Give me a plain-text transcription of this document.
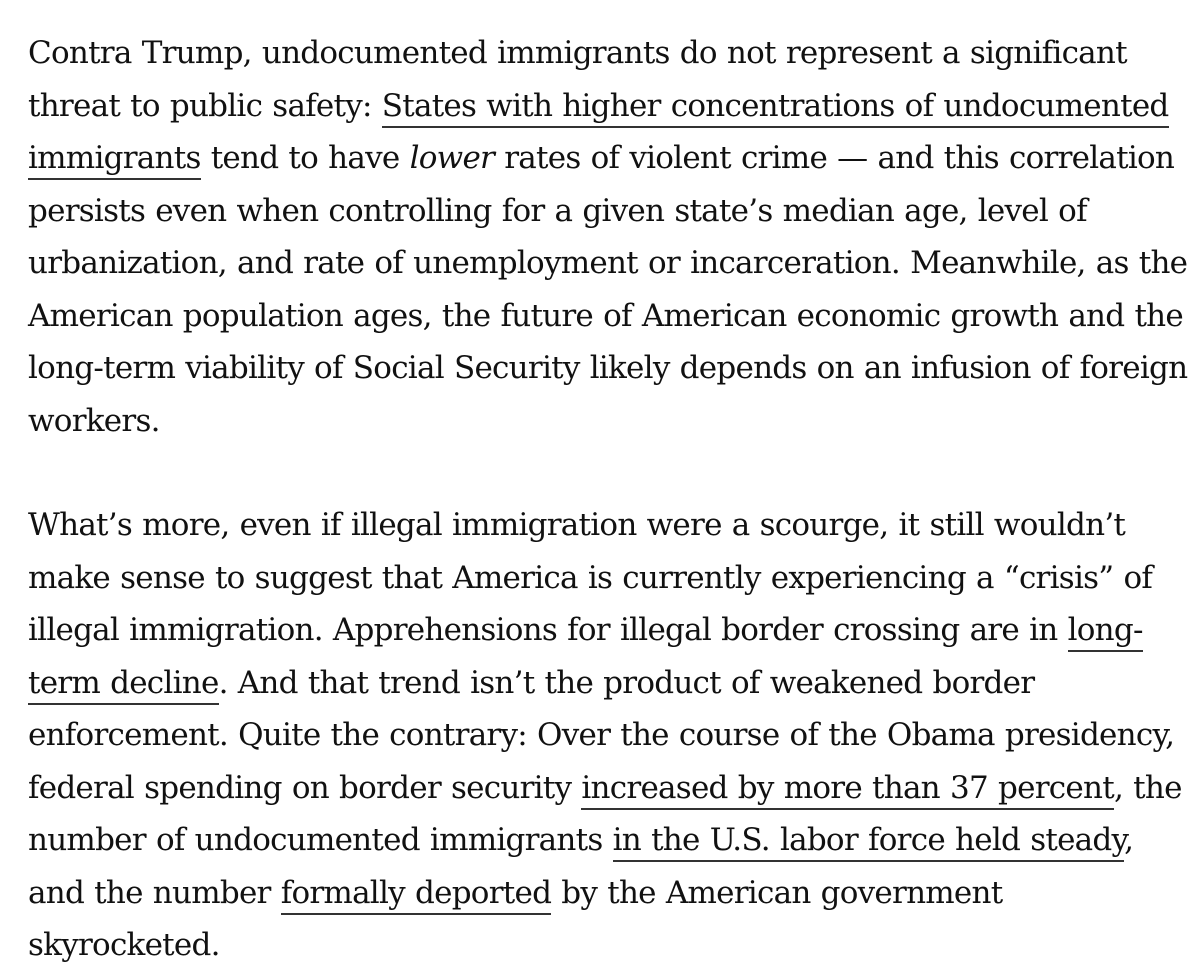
Contra Trump, undocumented immigrants do not represent a significant
threat to public safety: States with higher concentrations of undocumented
immigrants tend to have lower rates of violent crime — and this correlation
persists even when controlling for a given state’s median age, level of
urbanization, and rate of unemployment or incarceration. Meanwhile, as the
American population ages, the future of American economic growth and the
long-term viability of Social Security likely depends on an infusion of foreign
workers.

What’s more, even if illegal immigration were a scourge, it still wouldn’t
make sense to suggest that America is currently experiencing a “crisis” of
illegal immigration. Apprehensions for illegal border crossing are in long-
term decline. And that trend isn’t the product of weakened border
enforcement. Quite the contrary: Over the course of the Obama presidency,
federal spending on border security increased by more than 37 percent, the
number of undocumented immigrants in the U.S. labor force held steady,
and the number formally deported by the American government
skyrocketed.
